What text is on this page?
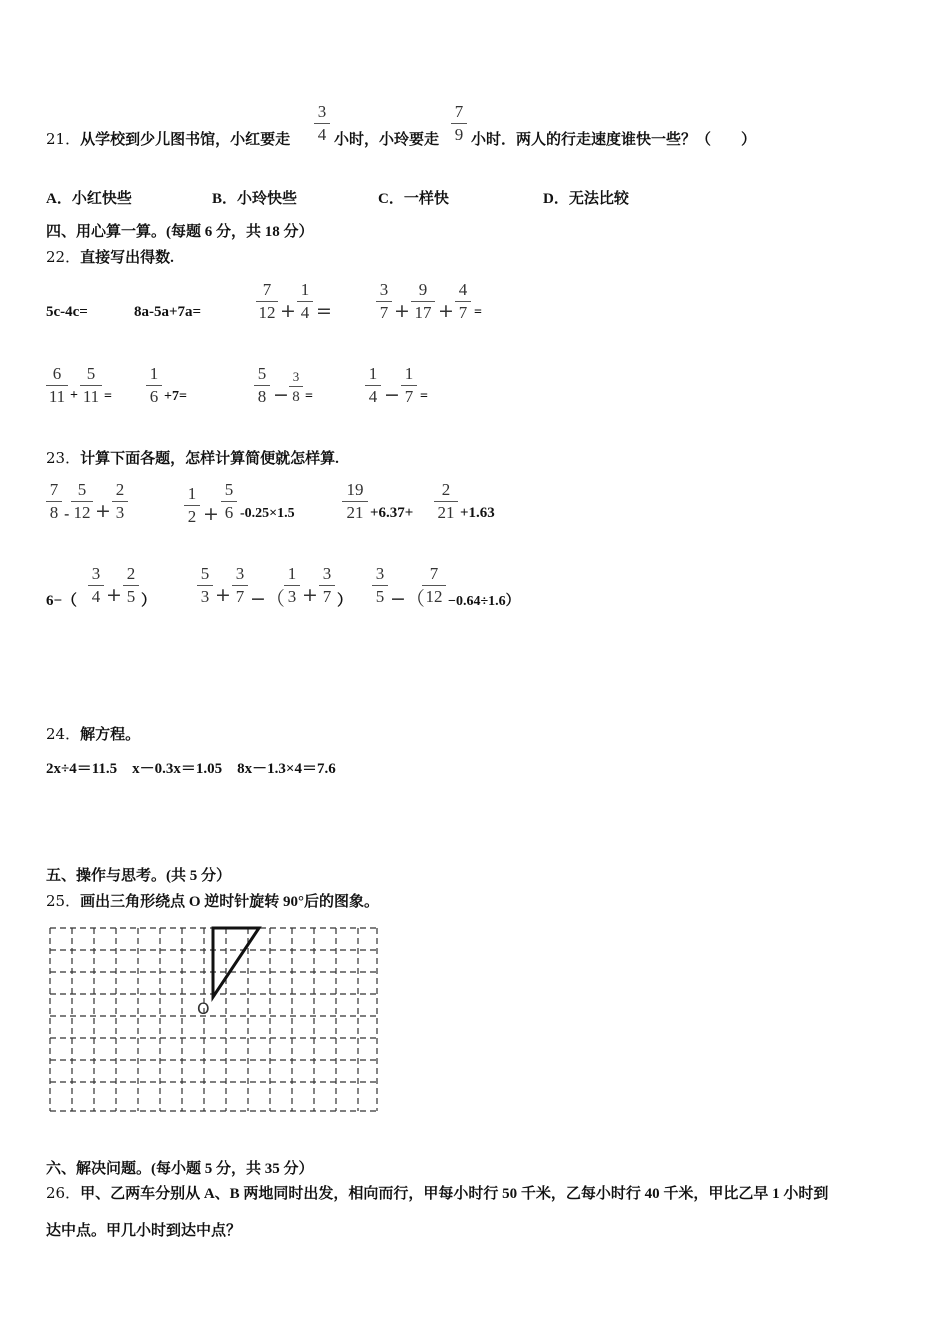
21．从学校到少儿图书馆，小红要走
3
4 小时，小玲要走
7
9 小时．两人的行走速度谁快一些？（　　）
A．小红快些	B．小玲快些	C．一样快	D．无法比较
四、用心算一算。(每题 6 分，共 18 分）
22．直接写出得数.
5c-4c=	8a-5a+7a=
7
12 +
1
4 =
3
7 +
9
17 +
4
7 =
6
11 +
5
11 =
1
6 +7=
5
8 −
3
8 =
1
4 −
1
7 =
23．计算下面各题，怎样计算简便就怎样算.
7
8 -
5
12 +
2
3
1
2 +
5
6 -0.25×1.5
19
21 +6.37+
2
21 +1.63
6−（
3
4 +
2
5 ）
5
3 +
3
7 −（
1
3 +
3
7 ）
3
5 −（
7
12 −0.64÷1.6）
24．解方程。
2x÷4＝11.5　x－0.3x＝1.05　8x－1.3×4＝7.6
五、操作与思考。(共 5 分）
25．画出三角形绕点 O 逆时针旋转 90°后的图象。
O
六、解决问题。(每小题 5 分，共 35 分）
26．甲、乙两车分别从 A、B 两地同时出发，相向而行，甲每小时行 50 千米，乙每小时行 40 千米，甲比乙早 1 小时到
达中点。甲几小时到达中点？
